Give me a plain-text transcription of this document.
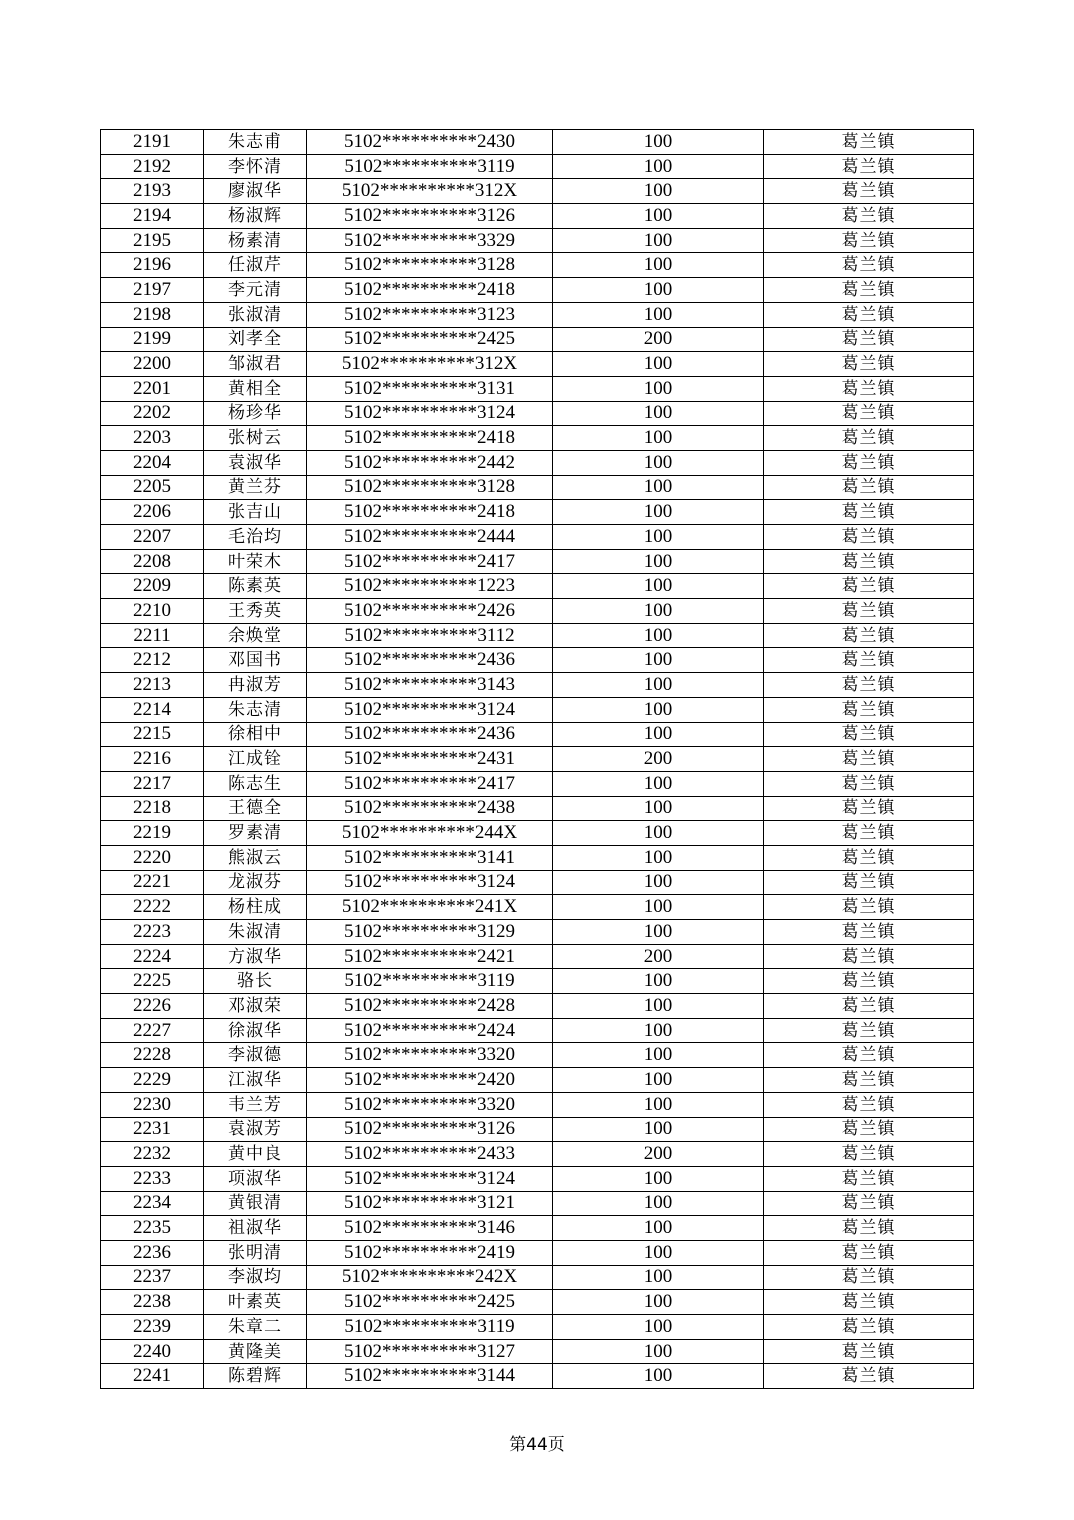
2191	朱志甫	5102**********2430	100	葛兰镇
2192	李怀清	5102**********3119	100	葛兰镇
2193	廖淑华	5102**********312X	100	葛兰镇
2194	杨淑辉	5102**********3126	100	葛兰镇
2195	杨素清	5102**********3329	100	葛兰镇
2196	任淑芹	5102**********3128	100	葛兰镇
2197	李元清	5102**********2418	100	葛兰镇
2198	张淑清	5102**********3123	100	葛兰镇
2199	刘孝全	5102**********2425	200	葛兰镇
2200	邹淑君	5102**********312X	100	葛兰镇
2201	黄相全	5102**********3131	100	葛兰镇
2202	杨珍华	5102**********3124	100	葛兰镇
2203	张树云	5102**********2418	100	葛兰镇
2204	袁淑华	5102**********2442	100	葛兰镇
2205	黄兰芬	5102**********3128	100	葛兰镇
2206	张吉山	5102**********2418	100	葛兰镇
2207	毛治均	5102**********2444	100	葛兰镇
2208	叶荣木	5102**********2417	100	葛兰镇
2209	陈素英	5102**********1223	100	葛兰镇
2210	王秀英	5102**********2426	100	葛兰镇
2211	余焕堂	5102**********3112	100	葛兰镇
2212	邓国书	5102**********2436	100	葛兰镇
2213	冉淑芳	5102**********3143	100	葛兰镇
2214	朱志清	5102**********3124	100	葛兰镇
2215	徐相中	5102**********2436	100	葛兰镇
2216	江成铨	5102**********2431	200	葛兰镇
2217	陈志生	5102**********2417	100	葛兰镇
2218	王德全	5102**********2438	100	葛兰镇
2219	罗素清	5102**********244X	100	葛兰镇
2220	熊淑云	5102**********3141	100	葛兰镇
2221	龙淑芬	5102**********3124	100	葛兰镇
2222	杨柱成	5102**********241X	100	葛兰镇
2223	朱淑清	5102**********3129	100	葛兰镇
2224	方淑华	5102**********2421	200	葛兰镇
2225	骆长	5102**********3119	100	葛兰镇
2226	邓淑荣	5102**********2428	100	葛兰镇
2227	徐淑华	5102**********2424	100	葛兰镇
2228	李淑德	5102**********3320	100	葛兰镇
2229	江淑华	5102**********2420	100	葛兰镇
2230	韦兰芳	5102**********3320	100	葛兰镇
2231	袁淑芳	5102**********3126	100	葛兰镇
2232	黄中良	5102**********2433	200	葛兰镇
2233	项淑华	5102**********3124	100	葛兰镇
2234	黄银清	5102**********3121	100	葛兰镇
2235	祖淑华	5102**********3146	100	葛兰镇
2236	张明清	5102**********2419	100	葛兰镇
2237	李淑均	5102**********242X	100	葛兰镇
2238	叶素英	5102**********2425	100	葛兰镇
2239	朱章二	5102**********3119	100	葛兰镇
2240	黄隆美	5102**********3127	100	葛兰镇
2241	陈碧辉	5102**********3144	100	葛兰镇
第44页
